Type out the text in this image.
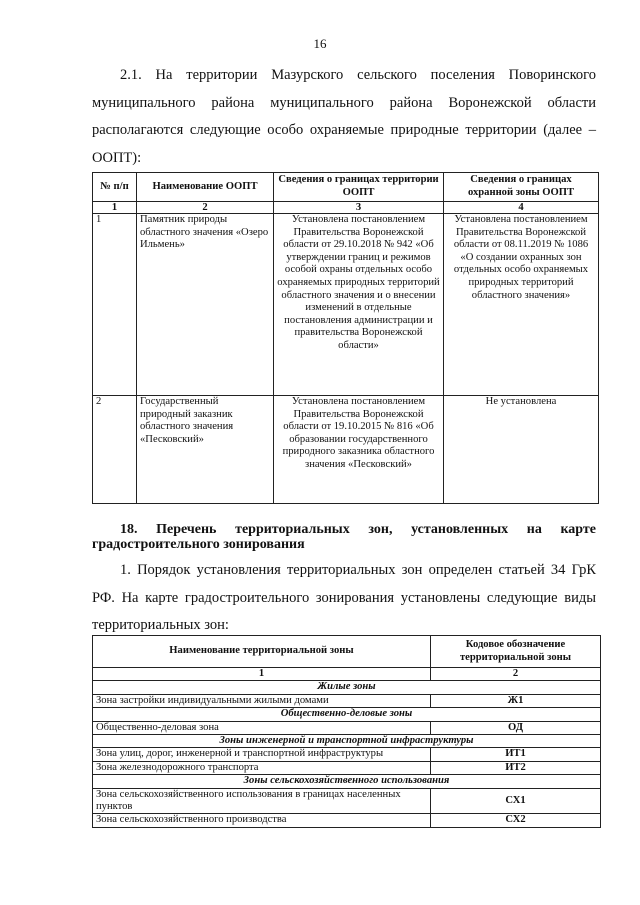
16
2.1. На территории Мазурского сельского поселения Поворинского муниципального района муниципального района Воронежской области располагаются следующие особо охраняемые природные территории (далее – ООПТ):
№ п/п	Наименование ООПТ	Сведения о границах территории ООПТ	Сведения о границах охранной зоны ООПТ
1	2	3	4
1	Памятник природы областного значения «Озеро Ильмень»	Установлена постановлением Правительства Воронежской области от 29.10.2018 № 942 «Об утверждении границ и режимов особой охраны отдельных особо охраняемых природных территорий областного значения и о внесении изменений в отдельные постановления администрации и правительства Воронежской области»	Установлена постановлением Правительства Воронежской области от 08.11.2019 № 1086 «О создании охранных зон отдельных особо охраняемых природных территорий областного значения»
2	Государственный природный заказник областного значения «Песковский»	Установлена постановлением Правительства Воронежской области от 19.10.2015 № 816 «Об образовании государственного природного заказника областного значения «Песковский»	Не установлена
18. Перечень территориальных зон, установленных на карте градостроительного зонирования
1. Порядок установления территориальных зон определен статьей 34 ГрК РФ. На карте градостроительного зонирования установлены следующие виды территориальных зон:
Наименование территориальной зоны	Кодовое обозначение территориальной зоны
1	2
Жилые зоны	
Зона застройки индивидуальными жилыми домами	Ж1
Общественно-деловые зоны	
Общественно-деловая зона	ОД
Зоны инженерной и транспортной инфраструктуры	
Зона улиц, дорог, инженерной и транспортной инфраструктуры	ИТ1
Зона железнодорожного транспорта	ИТ2
Зоны сельскохозяйственного использования	
Зона сельскохозяйственного использования в границах населенных пунктов	СХ1
Зона сельскохозяйственного производства	СХ2
